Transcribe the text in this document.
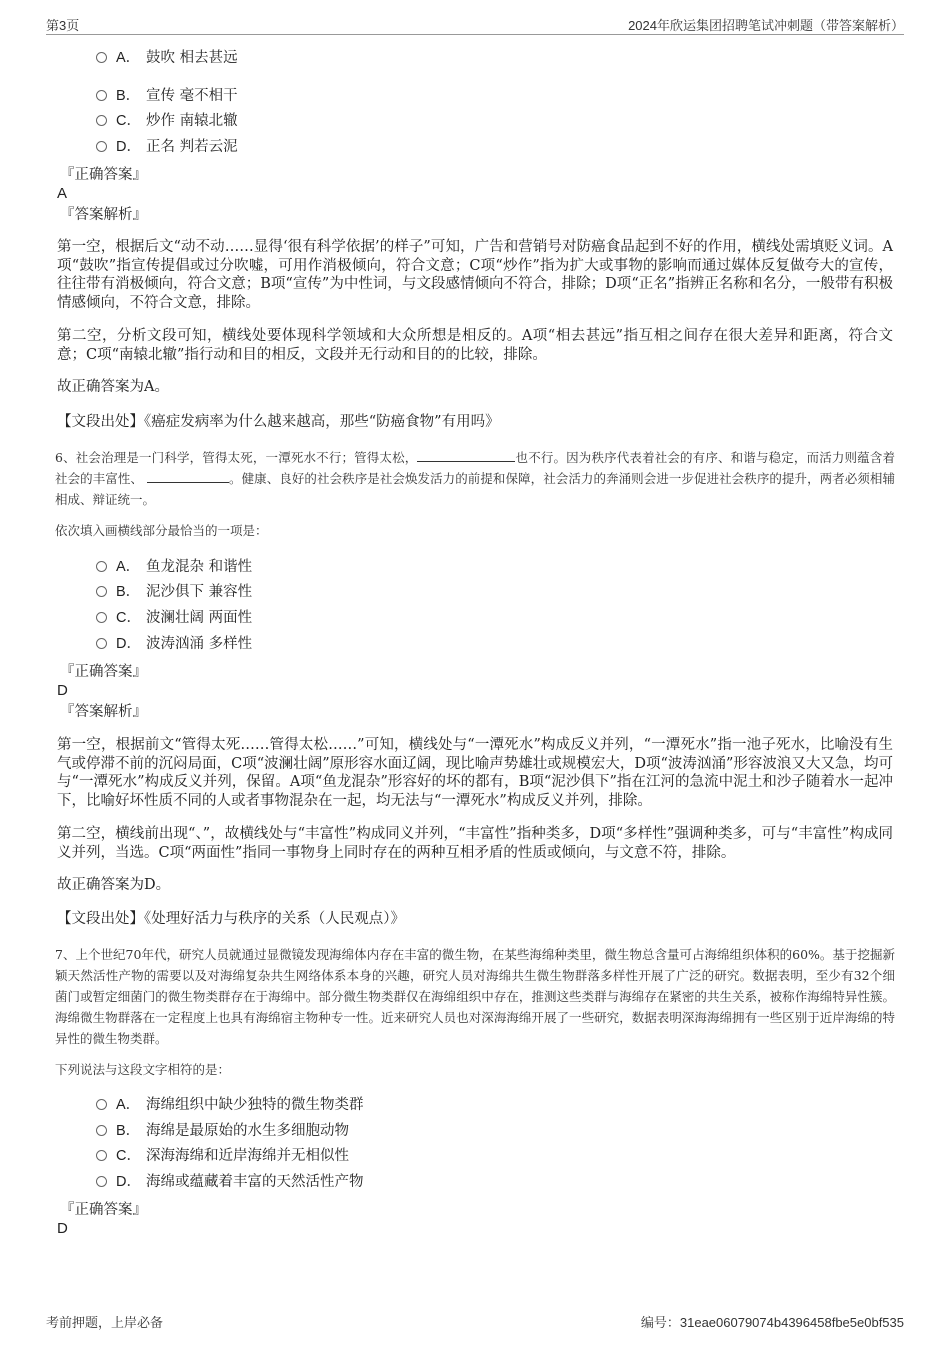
第3页	2024年欣运集团招聘笔试冲刺题（带答案解析）
A． 鼓吹 相去甚远
B． 宣传 毫不相干
C． 炒作 南辕北辙
D． 正名 判若云泥
『正确答案』
A
『答案解析』
第一空，根据后文“动不动……显得‘很有科学依据’的样子”可知，广告和营销号对防癌食品起到不好的作用，横线处需填贬义词。A项“鼓吹”指宣传提倡或过分吹嘘，可用作消极倾向，符合文意；C项“炒作”指为扩大或事物的影响而通过媒体反复做夸大的宣传，往往带有消极倾向，符合文意；B项“宣传”为中性词，与文段感情倾向不符合，排除；D项“正名”指辨正名称和名分，一般带有积极情感倾向，不符合文意，排除。
第二空，分析文段可知，横线处要体现科学领域和大众所想是相反的。A项“相去甚远”指互相之间存在很大差异和距离，符合文意；C项“南辕北辙”指行动和目的相反，文段并无行动和目的的比较，排除。
故正确答案为A。
【文段出处】《癌症发病率为什么越来越高，那些“防癌食物”有用吗》
6、社会治理是一门科学，管得太死，一潭死水不行；管得太松，	也不行。因为秩序代表着社会的有序、和谐与稳定，而活力则蕴含着社会的丰富性、	。健康、良好的社会秩序是社会焕发活力的前提和保障，社会活力的奔涌则会进一步促进社会秩序的提升，两者必须相辅相成、辩证统一。
依次填入画横线部分最恰当的一项是：
A． 鱼龙混杂 和谐性
B． 泥沙俱下 兼容性
C． 波澜壮阔 两面性
D． 波涛汹涌 多样性
『正确答案』
D
『答案解析』
第一空，根据前文“管得太死……管得太松……”可知，横线处与“一潭死水”构成反义并列，“一潭死水”指一池子死水，比喻没有生气或停滞不前的沉闷局面，C项“波澜壮阔”原形容水面辽阔，现比喻声势雄壮或规模宏大，D项“波涛汹涌”形容波浪又大又急，均可与“一潭死水”构成反义并列，保留。A项“鱼龙混杂”形容好的坏的都有，B项“泥沙俱下”指在江河的急流中泥土和沙子随着水一起冲下，比喻好坏性质不同的人或者事物混杂在一起，均无法与“一潭死水”构成反义并列，排除。
第二空，横线前出现“、”，故横线处与“丰富性”构成同义并列，“丰富性”指种类多，D项“多样性”强调种类多，可与“丰富性”构成同义并列，当选。C项“两面性”指同一事物身上同时存在的两种互相矛盾的性质或倾向，与文意不符，排除。
故正确答案为D。
【文段出处】《处理好活力与秩序的关系（人民观点）》
7、上个世纪70年代，研究人员就通过显微镜发现海绵体内存在丰富的微生物，在某些海绵种类里，微生物总含量可占海绵组织体积的60%。基于挖掘新颖天然活性产物的需要以及对海绵复杂共生网络体系本身的兴趣，研究人员对海绵共生微生物群落多样性开展了广泛的研究。数据表明，至少有32个细菌门或暂定细菌门的微生物类群存在于海绵中。部分微生物类群仅在海绵组织中存在，推测这些类群与海绵存在紧密的共生关系，被称作海绵特异性簇。海绵微生物群落在一定程度上也具有海绵宿主物种专一性。近来研究人员也对深海海绵开展了一些研究，数据表明深海海绵拥有一些区别于近岸海绵的特异性的微生物类群。
下列说法与这段文字相符的是：
A． 海绵组织中缺少独特的微生物类群
B． 海绵是最原始的水生多细胞动物
C． 深海海绵和近岸海绵并无相似性
D． 海绵或蕴藏着丰富的天然活性产物
『正确答案』
D
考前押题，上岸必备	编号：31eae06079074b4396458fbe5e0bf535
